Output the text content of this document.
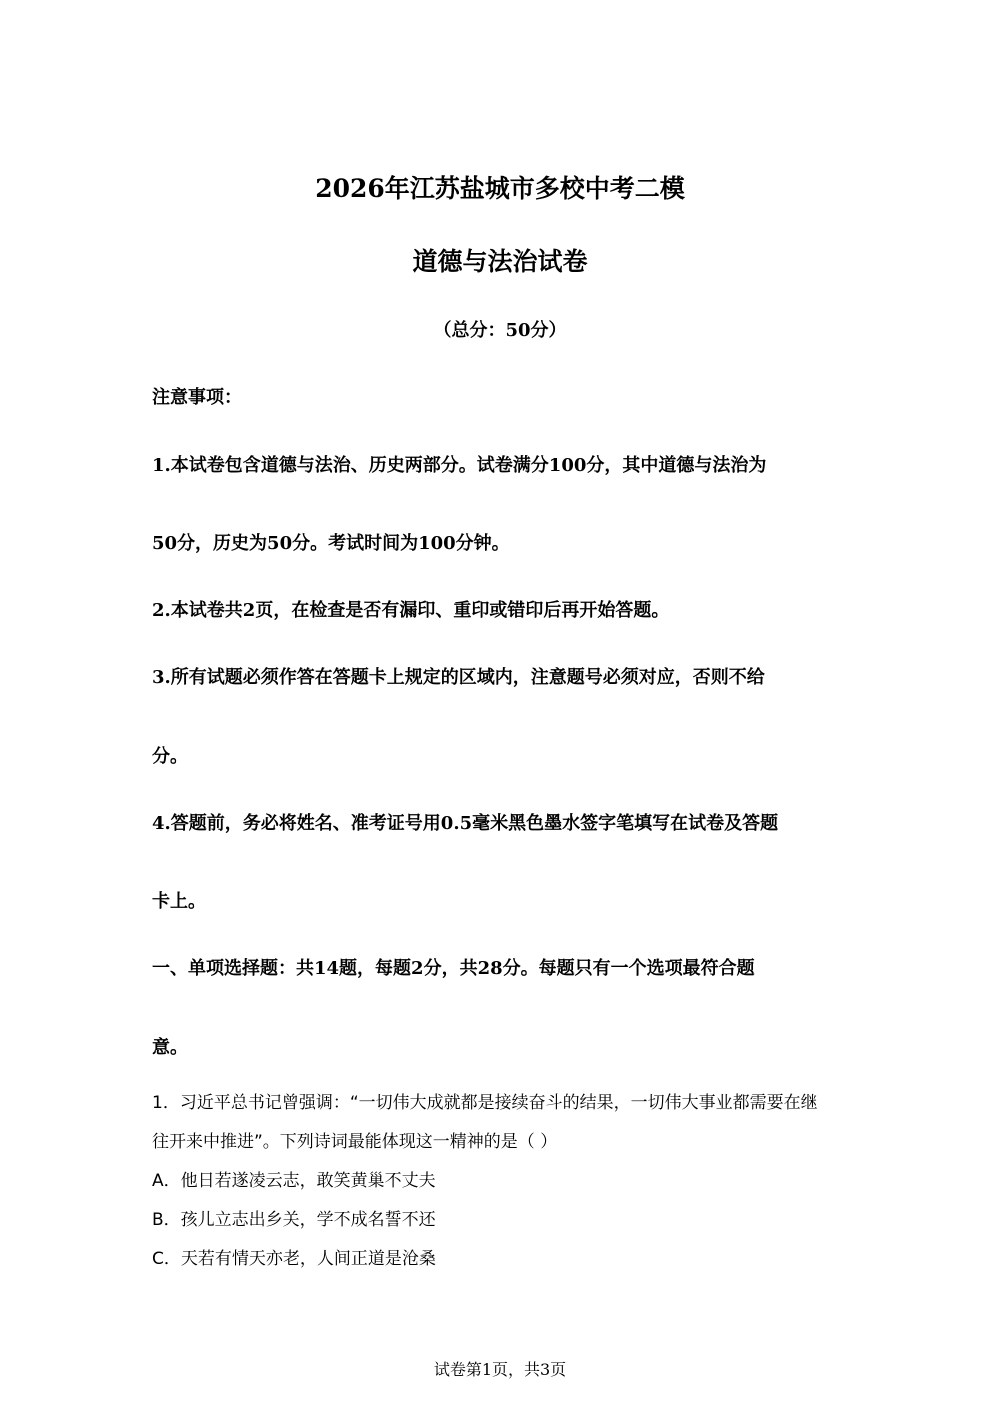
2026年江苏盐城市多校中考二模
道德与法治试卷
（总分：50分）
注意事项：
1.本试卷包含道德与法治、历史两部分。试卷满分100分，其中道德与法治为
50分，历史为50分。考试时间为100分钟。
2.本试卷共2页，在检查是否有漏印、重印或错印后再开始答题。
3.所有试题必须作答在答题卡上规定的区域内，注意题号必须对应，否则不给
分。
4.答题前，务必将姓名、准考证号用0.5毫米黑色墨水签字笔填写在试卷及答题
卡上。
一、单项选择题：共14题，每题2分，共28分。每题只有一个选项最符合题
意。
1．习近平总书记曾强调：“一切伟大成就都是接续奋斗的结果，一切伟大事业都需要在继
往开来中推进”。下列诗词最能体现这一精神的是（ ）
A．他日若遂凌云志，敢笑黄巢不丈夫
B．孩儿立志出乡关，学不成名誓不还
C．天若有情天亦老，人间正道是沧桑
试卷第1页，共3页
